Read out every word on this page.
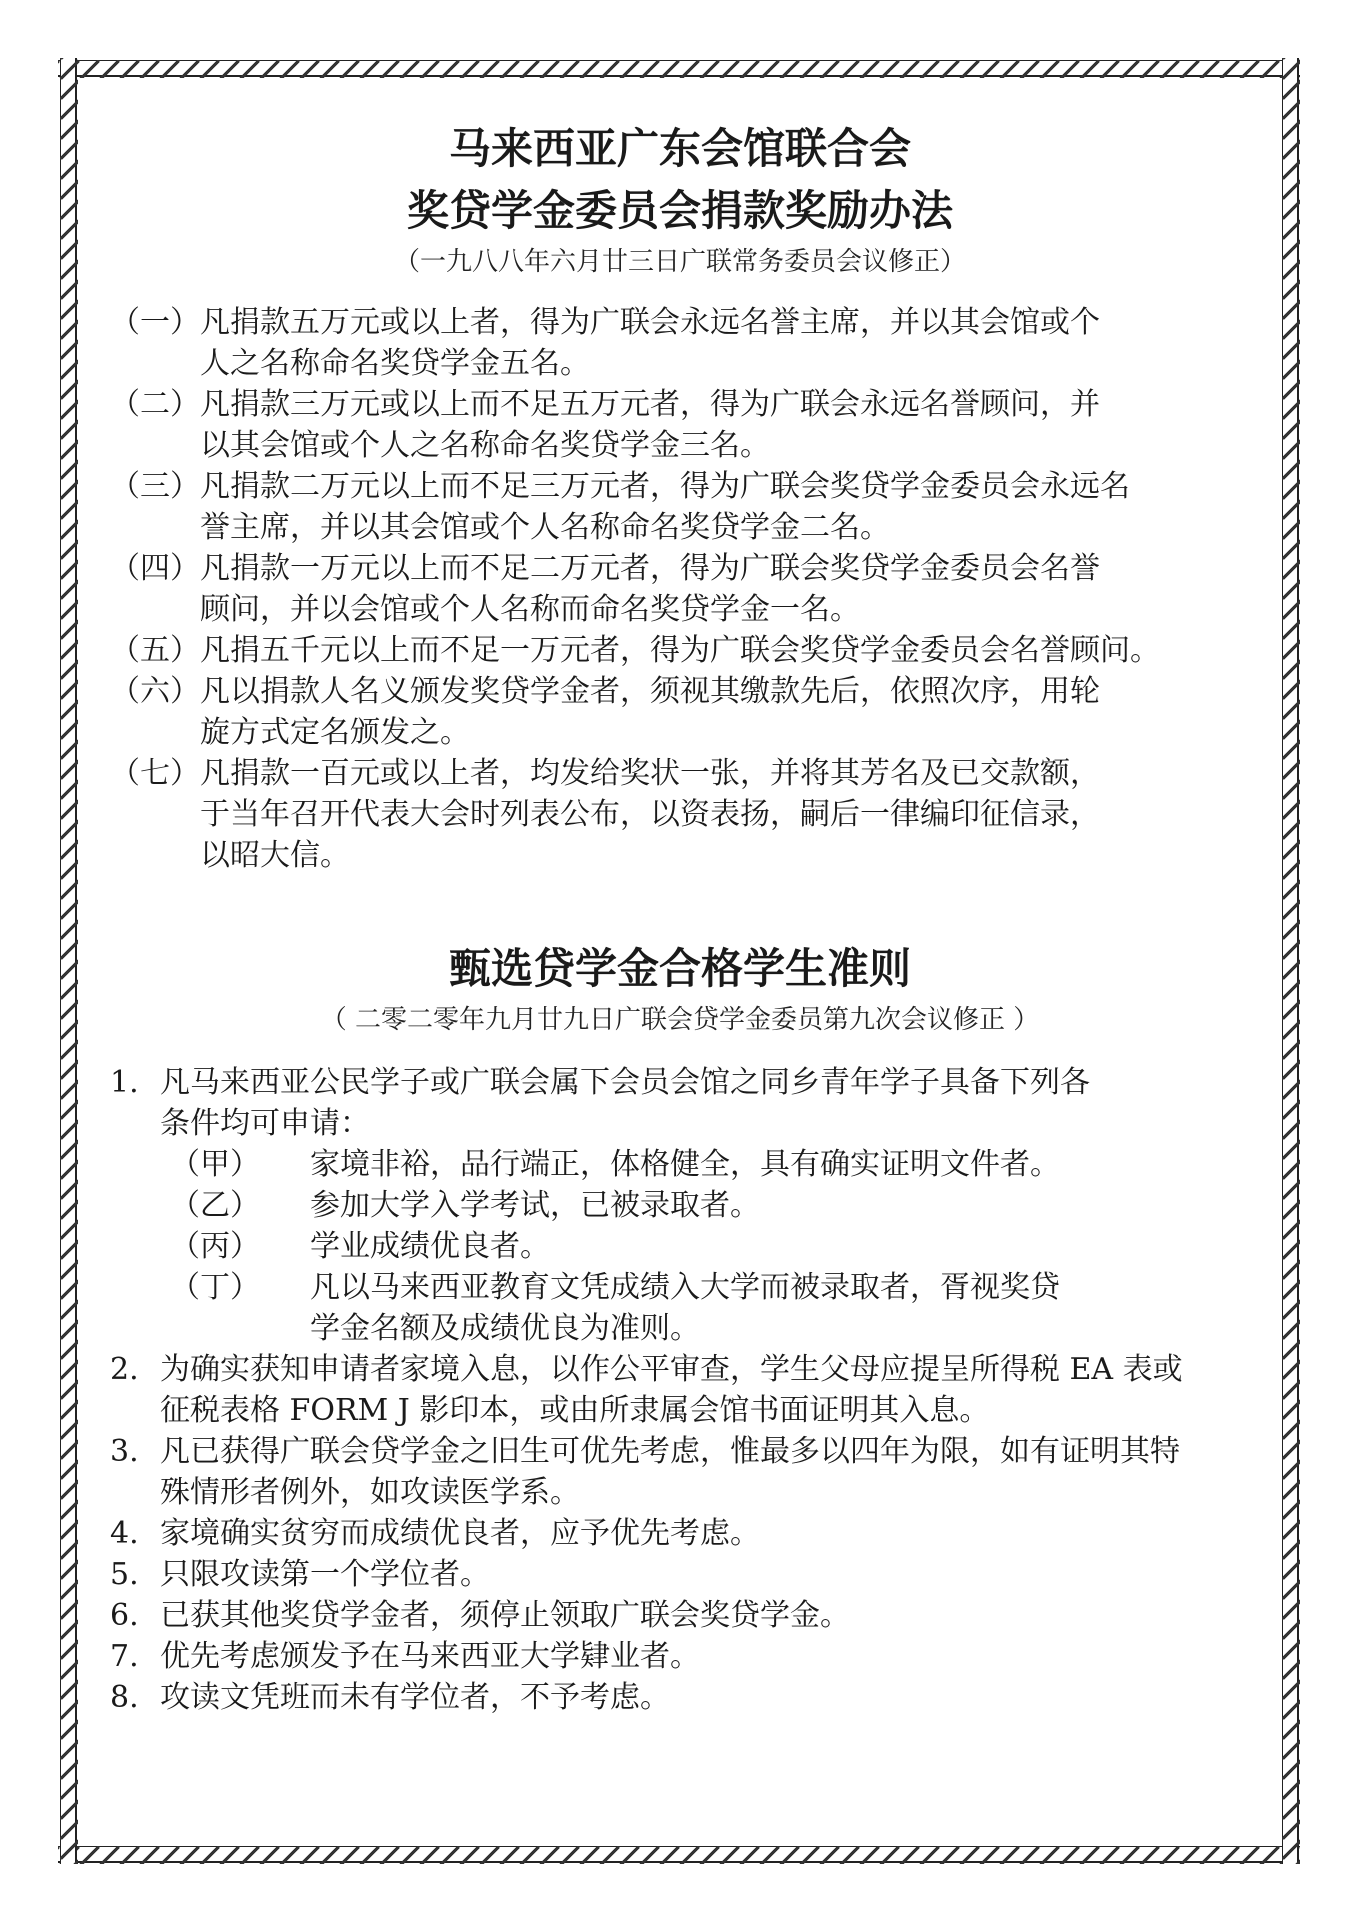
马来西亚广东会馆联合会
奖贷学金委员会捐款奖励办法

（一九八八年六月廿三日广联常务委员会议修正）

（一） 凡捐款五万元或以上者，得为广联会永远名誉主席，并以其会馆或个人之名称命名奖贷学金五名。
（二） 凡捐款三万元或以上而不足五万元者，得为广联会永远名誉顾问，并以其会馆或个人之名称命名奖贷学金三名。
（三） 凡捐款二万元以上而不足三万元者，得为广联会奖贷学金委员会永远名誉主席，并以其会馆或个人名称命名奖贷学金二名。
（四） 凡捐款一万元以上而不足二万元者，得为广联会奖贷学金委员会名誉顾问，并以会馆或个人名称而命名奖贷学金一名。
（五） 凡捐五千元以上而不足一万元者，得为广联会奖贷学金委员会名誉顾问。
（六） 凡以捐款人名义颁发奖贷学金者，须视其缴款先后，依照次序，用轮旋方式定名颁发之。
（七） 凡捐款一百元或以上者，均发给奖状一张，并将其芳名及已交款额，于当年召开代表大会时列表公布，以资表扬，嗣后一律编印征信录，以昭大信。
甄选贷学金合格学生准则

（ 二零二零年九月廿九日广联会贷学金委员第九次会议修正 ）

1. 凡马来西亚公民学子或广联会属下会员会馆之同乡青年学子具备下列各条件均可申请：
（甲）	家境非裕，品行端正，体格健全，具有确实证明文件者。
（乙）	参加大学入学考试，已被录取者。
（丙）	学业成绩优良者。
（丁）	凡以马来西亚教育文凭成绩入大学而被录取者，胥视奖贷学金名额及成绩优良为准则。
2. 为确实获知申请者家境入息，以作公平审查，学生父母应提呈所得税 EA 表或征税表格 FORM J 影印本，或由所隶属会馆书面证明其入息。
3. 凡已获得广联会贷学金之旧生可优先考虑，惟最多以四年为限，如有证明其特殊情形者例外，如攻读医学系。
4. 家境确实贫穷而成绩优良者，应予优先考虑。
5. 只限攻读第一个学位者。
6. 已获其他奖贷学金者，须停止领取广联会奖贷学金。
7. 优先考虑颁发予在马来西亚大学肄业者。
8. 攻读文凭班而未有学位者，不予考虑。
